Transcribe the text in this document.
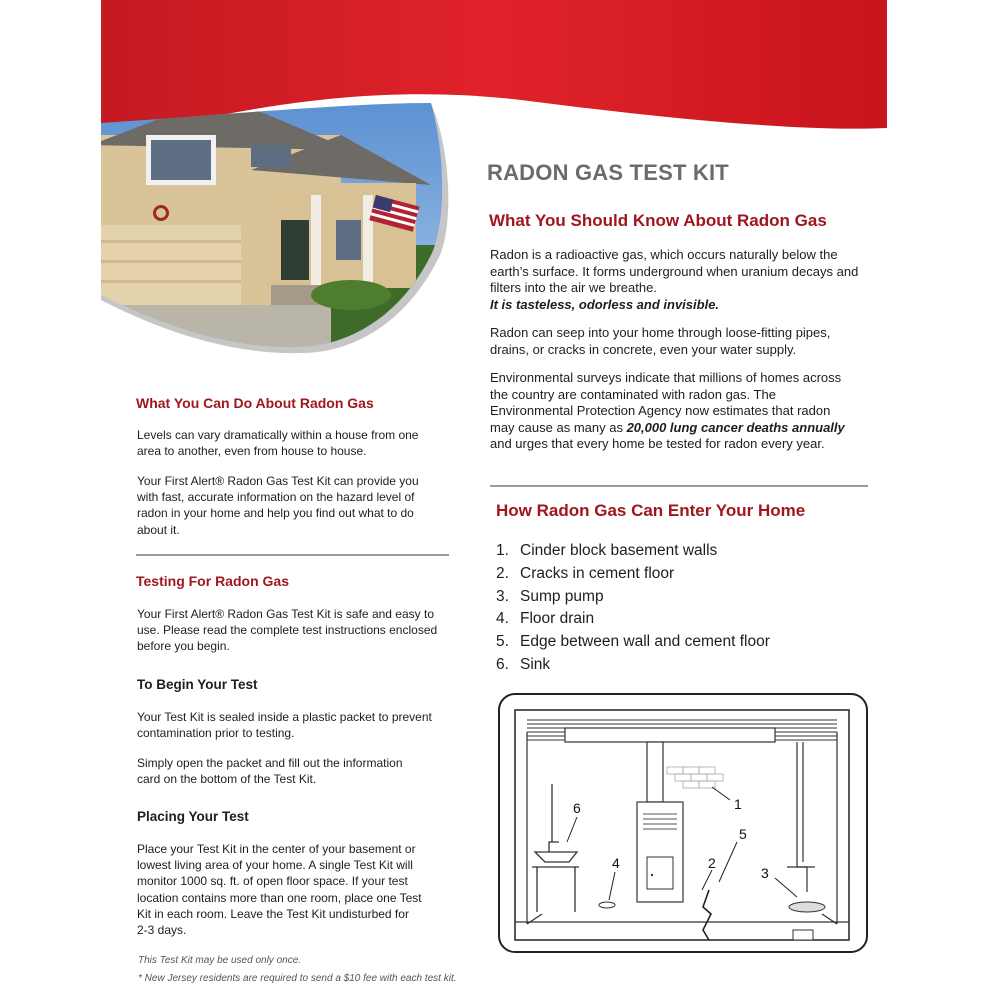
RADON GAS TEST KIT
What You Should Know About Radon Gas

Radon is a radioactive gas, which occurs naturally below the earth’s surface. It forms underground when uranium decays and filters into the air we breathe.
It is tasteless, odorless and invisible.

Radon can seep into your home through loose-fitting pipes, drains, or cracks in concrete, even your water supply.

Environmental surveys indicate that millions of homes across the country are contaminated with radon gas. The Environmental Protection Agency now estimates that radon may cause as many as 20,000 lung cancer deaths annually and urges that every home be tested for radon every year.

How Radon Gas Can Enter Your Home
1. Cinder block basement walls
2. Cracks in cement floor
3. Sump pump
4. Floor drain
5. Edge between wall and cement floor
6. Sink
1
2
3
4
5
6
What You Can Do About Radon Gas

Levels can vary dramatically within a house from one area to another, even from house to house.

Your First Alert® Radon Gas Test Kit can provide you with fast, accurate information on the hazard level of radon in your home and help you find out what to do about it.

Testing For Radon Gas

Your First Alert® Radon Gas Test Kit is safe and easy to use. Please read the complete test instructions enclosed before you begin.

To Begin Your Test

Your Test Kit is sealed inside a plastic packet to prevent contamination prior to testing.

Simply open the packet and fill out the information card on the bottom of the Test Kit.

Placing Your Test

Place your Test Kit in the center of your basement or lowest living area of your home. A single Test Kit will monitor 1000 sq. ft. of open floor space. If your test location contains more than one room, place one Test Kit in each room. Leave the Test Kit undisturbed for 2-3 days.

This Test Kit may be used only once.

* New Jersey residents are required to send a $10 fee with each test kit.
